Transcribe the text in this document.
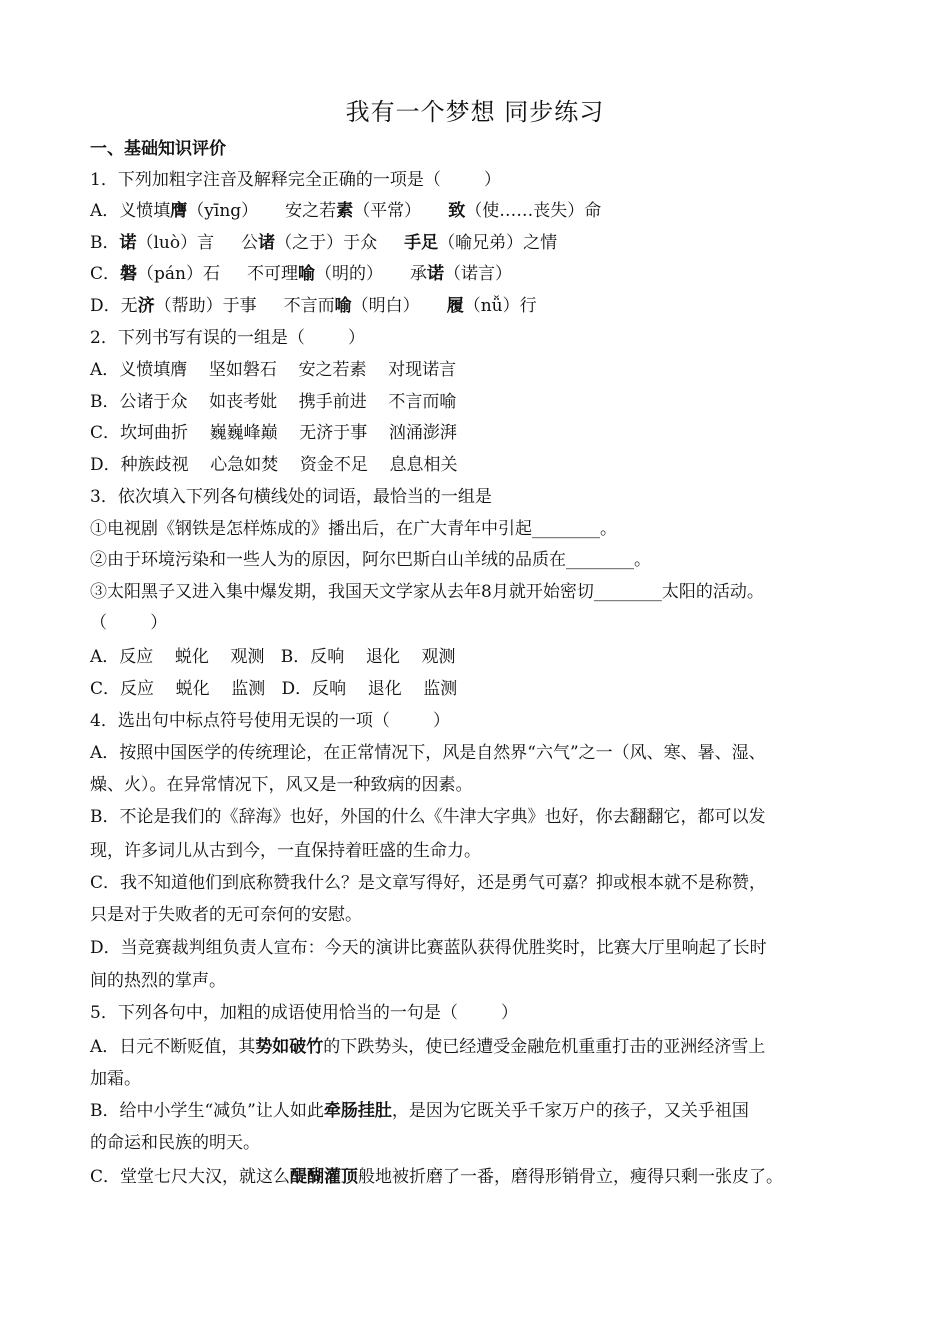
我有一个梦想 同步练习
一、基础知识评价
1．下列加粗字注音及解释完全正确的一项是（        ）
A．义愤填膺（yīng）     安之若素（平常）     致（使……丧失）命
B．诺（luò）言     公诸（之于）于众     手足（喻兄弟）之情
C．磐（pán）石     不可理喻（明的）     承诺（诺言）
D．无济（帮助）于事     不言而喻（明白）     履（nǚ）行
2．下列书写有误的一组是（        ）
A．义愤填膺    坚如磐石    安之若素    对现诺言
B．公诸于众    如丧考妣    携手前进    不言而喻
C．坎坷曲折    巍巍峰巅    无济于事    汹涌澎湃
D．种族歧视    心急如焚    资金不足    息息相关
3．依次填入下列各句横线处的词语，最恰当的一组是
①电视剧《钢铁是怎样炼成的》播出后，在广大青年中引起________。
②由于环境污染和一些人为的原因，阿尔巴斯白山羊绒的品质在________。
③太阳黑子又进入集中爆发期，我国天文学家从去年8月就开始密切________太阳的活动。
（        ）
A．反应    蜕化    观测   B．反响    退化    观测
C．反应    蜕化    监测   D．反响    退化    监测
4．选出句中标点符号使用无误的一项（        ）
A．按照中国医学的传统理论，在正常情况下，风是自然界“六气”之一（风、寒、暑、湿、
燥、火）。在异常情况下，风又是一种致病的因素。
B．不论是我们的《辞海》也好，外国的什么《牛津大字典》也好，你去翻翻它，都可以发
现，许多词儿从古到今，一直保持着旺盛的生命力。
C．我不知道他们到底称赞我什么？是文章写得好，还是勇气可嘉？抑或根本就不是称赞，
只是对于失败者的无可奈何的安慰。
D．当竞赛裁判组负责人宣布：今天的演讲比赛蓝队获得优胜奖时，比赛大厅里响起了长时
间的热烈的掌声。
5．下列各句中，加粗的成语使用恰当的一句是（        ）
A．日元不断贬值，其势如破竹的下跌势头，使已经遭受金融危机重重打击的亚洲经济雪上
加霜。
B．给中小学生“减负”让人如此牵肠挂肚，是因为它既关乎千家万户的孩子，又关乎祖国
的命运和民族的明天。
C．堂堂七尺大汉，就这么醍醐灌顶般地被折磨了一番，磨得形销骨立，瘦得只剩一张皮了。
